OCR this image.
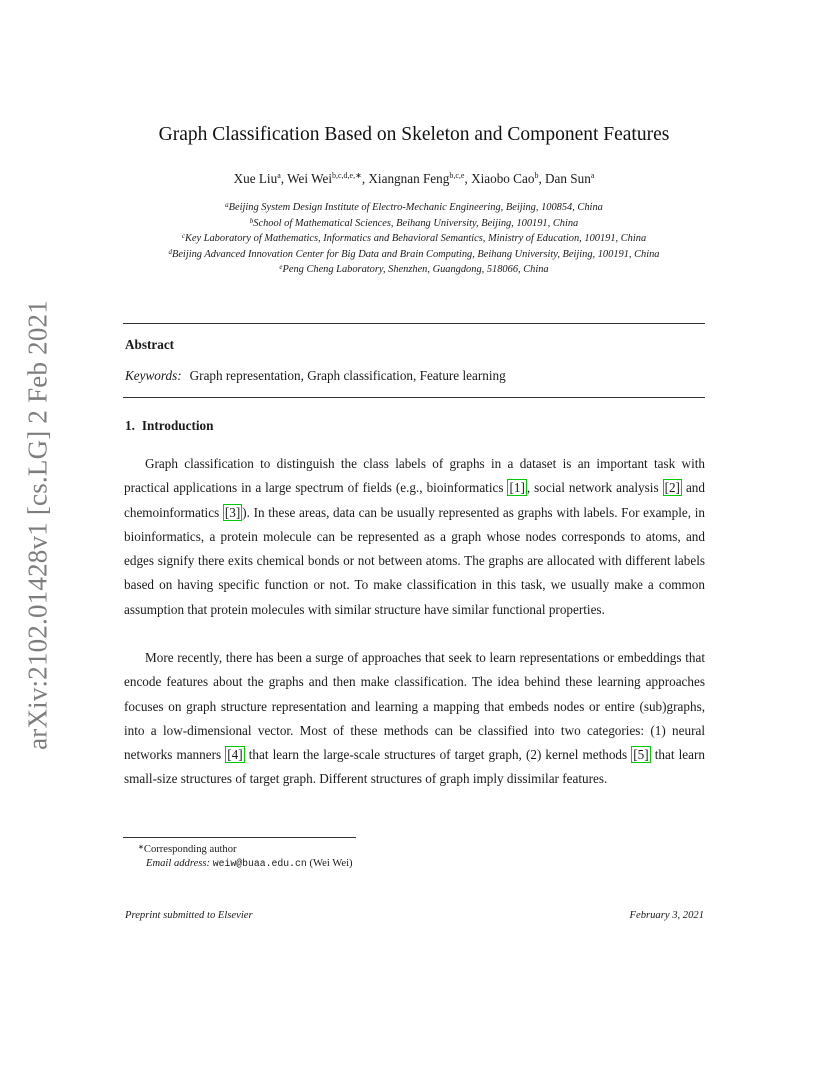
arXiv:2102.01428v1 [cs.LG] 2 Feb 2021
Graph Classification Based on Skeleton and Component Features
Xue Liu$^a$, Wei Wei$^{b,c,d,e,∗}$, Xiangnan Feng$^{b,c,e}$, Xiaobo Cao$^b$, Dan Sun$^a$
$^a$Beijing System Design Institute of Electro-Mechanic Engineering, Beijing, 100854, China
$^b$School of Mathematical Sciences, Beihang University, Beijing, 100191, China
$^c$Key Laboratory of Mathematics, Informatics and Behavioral Semantics, Ministry of Education, 100191, China
$^d$Beijing Advanced Innovation Center for Big Data and Brain Computing, Beihang University, Beijing, 100191, China
$^e$Peng Cheng Laboratory, Shenzhen, Guangdong, 518066, China
Abstract
Keywords: Graph representation, Graph classification, Feature learning
1. Introduction

Graph classification to distinguish the class labels of graphs in a dataset is an important task with practical applications in a large spectrum of fields (e.g., bioinformatics [1] , social network analysis [2] and chemoinformatics [3] ). In these areas, data can be usually represented as graphs with labels. For example, in bioinformatics, a protein molecule can be represented as a graph whose nodes corresponds to atoms, and edges signify there exits chemical bonds or not between atoms. The graphs are allocated with different labels based on having specific function or not. To make classification in this task, we usually make a common assumption that protein molecules with similar structure have similar functional properties.

More recently, there has been a surge of approaches that seek to learn representations or embeddings that encode features about the graphs and then make classification. The idea behind these learning approaches focuses on graph structure representation and learning a mapping that embeds nodes or entire (sub)graphs, into a low-dimensional vector. Most of these methods can be classified into two categories: (1) neural networks manners [4] that learn the large-scale structures of target graph, (2) kernel methods [5] that learn small-size structures of target graph. Different structures of graph imply dissimilar features.

∗Corresponding author
Email address: weiw@buaa.edu.cn (Wei Wei)
Preprint submitted to Elsevier	February 3, 2021
